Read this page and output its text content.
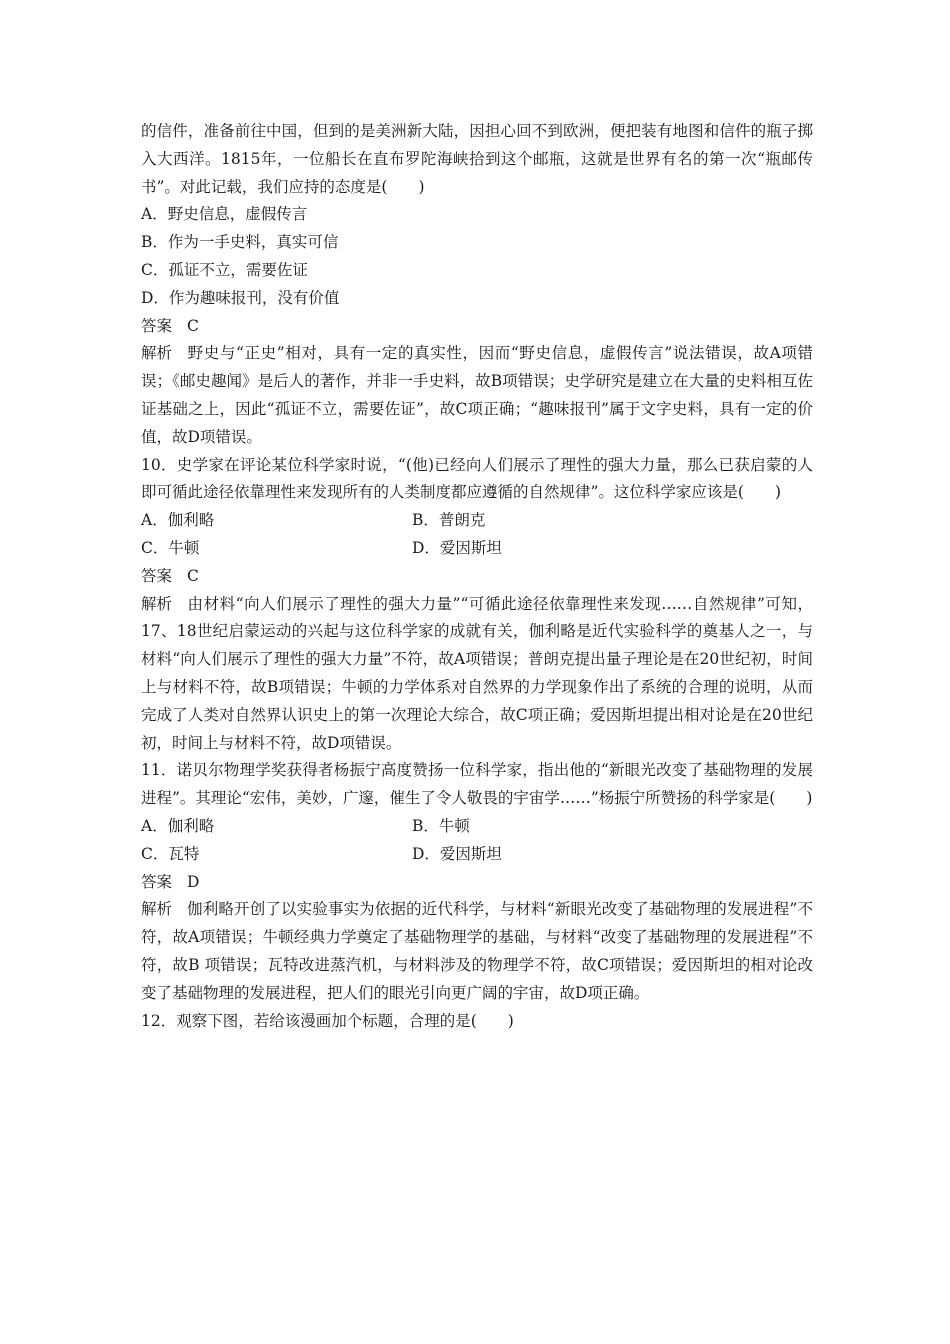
的信件，准备前往中国，但到的是美洲新大陆，因担心回不到欧洲，便把装有地图和信件的瓶子掷入大西洋。1815年，一位船长在直布罗陀海峡拾到这个邮瓶，这就是世界有名的第一次“瓶邮传书”。对此记载，我们应持的态度是(　　)

A．野史信息，虚假传言

B．作为一手史料，真实可信

C．孤证不立，需要佐证

D．作为趣味报刊，没有价值

答案 C

解析 野史与“正史”相对，具有一定的真实性，因而“野史信息，虚假传言”说法错误，故A项错误；《邮史趣闻》是后人的著作，并非一手史料，故B项错误；史学研究是建立在大量的史料相互佐证基础之上，因此“孤证不立，需要佐证”，故C项正确；“趣味报刊”属于文字史料，具有一定的价值，故D项错误。

10．史学家在评论某位科学家时说，“(他)已经向人们展示了理性的强大力量，那么已获启蒙的人即可循此途径依靠理性来发现所有的人类制度都应遵循的自然规律”。这位科学家应该是(　　)

A．伽利略	B．普朗克
C．牛顿	D．爱因斯坦

答案 C

解析 由材料“向人们展示了理性的强大力量”“可循此途径依靠理性来发现……自然规律”可知，17、18世纪启蒙运动的兴起与这位科学家的成就有关，伽利略是近代实验科学的奠基人之一，与材料“向人们展示了理性的强大力量”不符，故A项错误；普朗克提出量子理论是在20世纪初，时间上与材料不符，故B项错误；牛顿的力学体系对自然界的力学现象作出了系统的合理的说明，从而完成了人类对自然界认识史上的第一次理论大综合，故C项正确；爱因斯坦提出相对论是在20世纪初，时间上与材料不符，故D项错误。

11．诺贝尔物理学奖获得者杨振宁高度赞扬一位科学家，指出他的“新眼光改变了基础物理的发展进程”。其理论“宏伟，美妙，广邃，催生了令人敬畏的宇宙学……”杨振宁所赞扬的科学家是(　　)

A．伽利略	B．牛顿
C．瓦特	D．爱因斯坦

答案 D

解析 伽利略开创了以实验事实为依据的近代科学，与材料“新眼光改变了基础物理的发展进程”不符，故A项错误；牛顿经典力学奠定了基础物理学的基础，与材料“改变了基础物理的发展进程”不符，故B 项错误；瓦特改进蒸汽机，与材料涉及的物理学不符，故C项错误；爱因斯坦的相对论改变了基础物理的发展进程，把人们的眼光引向更广阔的宇宙，故D项正确。

12．观察下图，若给该漫画加个标题，合理的是(　　)
